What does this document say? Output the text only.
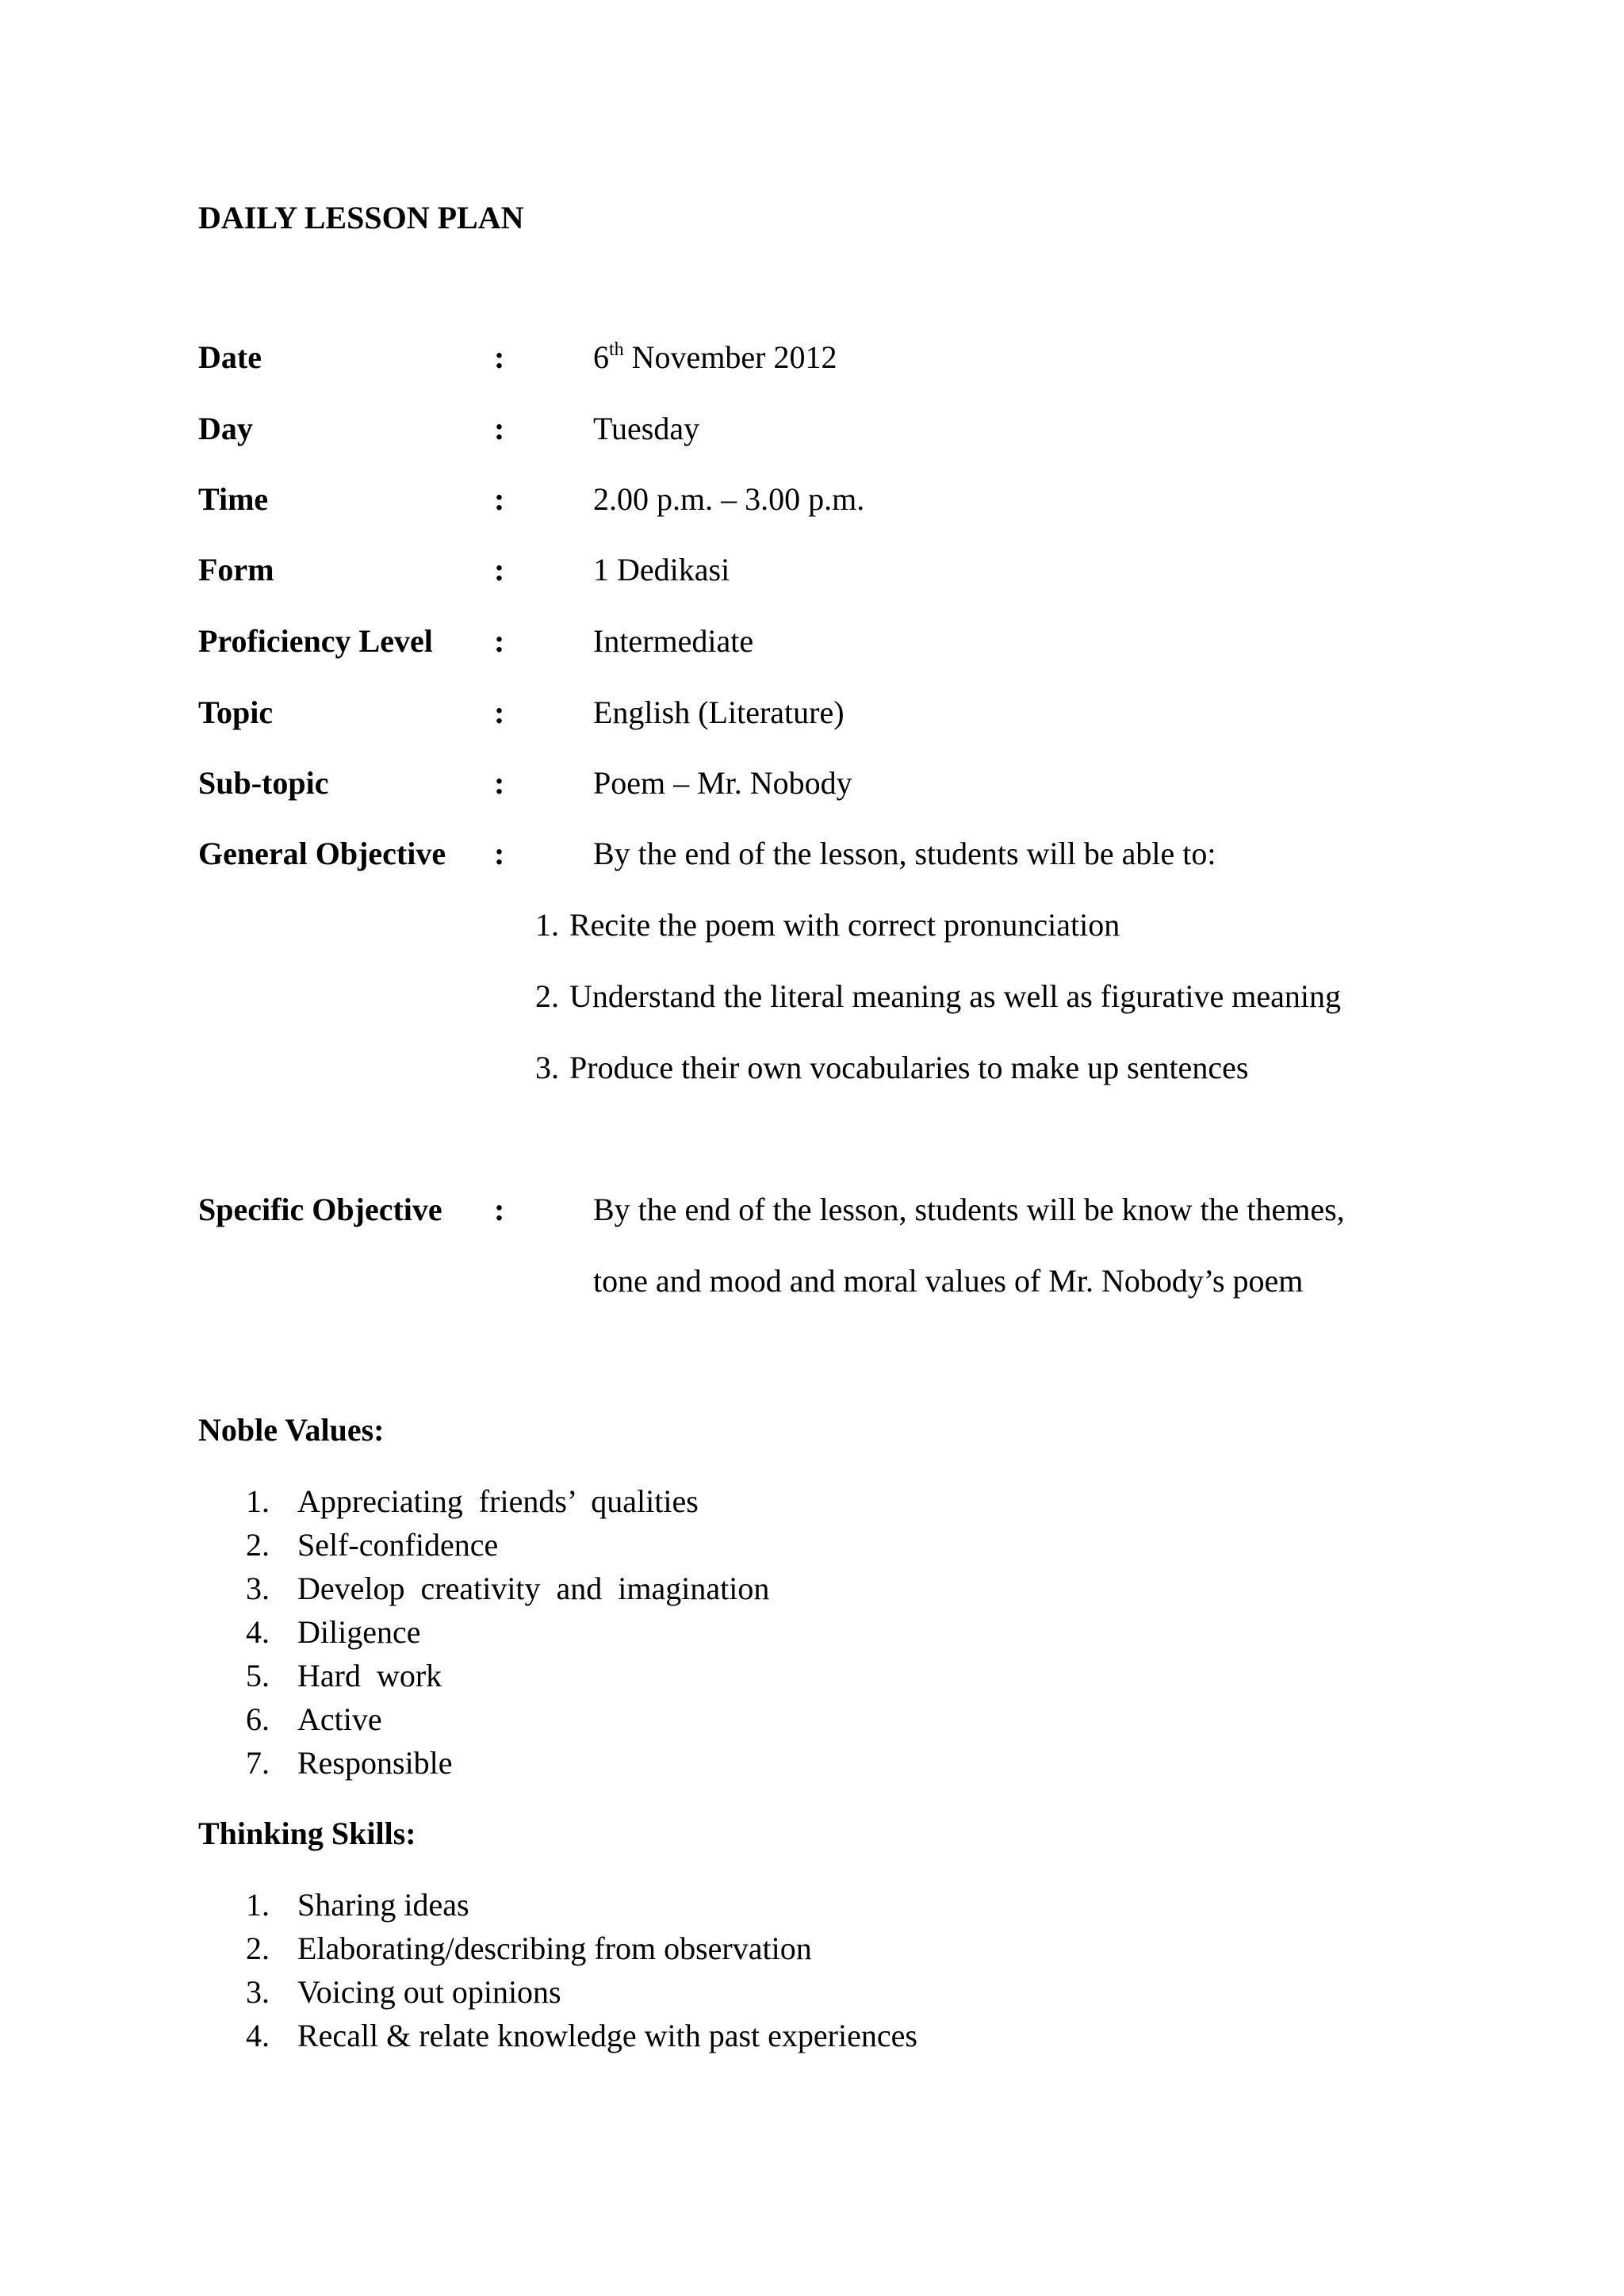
DAILY LESSON PLAN
Date	:	6th November 2012
Day	:	Tuesday
Time	:	2.00 p.m. – 3.00 p.m.
Form	:	1 Dedikasi
Proficiency Level :	Intermediate
Topic	:	English (Literature)
Sub-topic	:	Poem – Mr. Nobody
General Objective :	By the end of the lesson, students will be able to:
1. Recite the poem with correct pronunciation
2. Understand the literal meaning as well as figurative meaning
3. Produce their own vocabularies to make up sentences
Specific Objective :	By the end of the lesson, students will be know the themes,
tone and mood and moral values of Mr. Nobody’s poem
Noble Values:
1. Appreciating  friends’  qualities
2. Self-confidence
3. Develop  creativity  and  imagination
4. Diligence
5. Hard  work
6. Active
7. Responsible
Thinking Skills:
1. Sharing ideas
2. Elaborating/describing from observation
3. Voicing out opinions
4. Recall & relate knowledge with past experiences
